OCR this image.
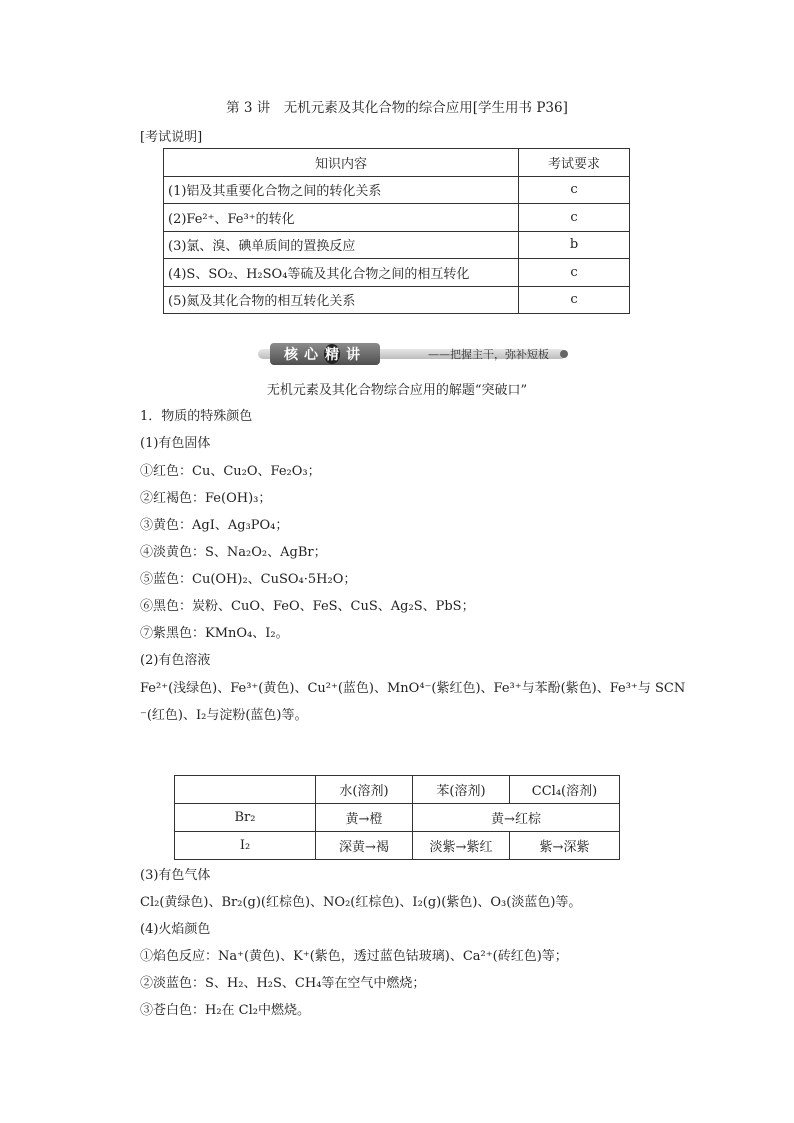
第 3 讲　无机元素及其化合物的综合应用[学生用书 P36]
[考试说明]
知识内容	考试要求
(1)铝及其重要化合物之间的转化关系	c
(2)Fe²⁺、Fe³⁺的转化	c
(3)氯、溴、碘单质间的置换反应	b
(4)S、SO₂、H₂SO₄等硫及其化合物之间的相互转化	c
(5)氮及其化合物的相互转化关系	c
核心 精 讲	——把握主干，弥补短板
无机元素及其化合物综合应用的解题“突破口”
1．物质的特殊颜色
(1)有色固体
①红色：Cu、Cu₂O、Fe₂O₃；
②红褐色：Fe(OH)₃；
③黄色：AgI、Ag₃PO₄；
④淡黄色：S、Na₂O₂、AgBr；
⑤蓝色：Cu(OH)₂、CuSO₄·5H₂O；
⑥黑色：炭粉、CuO、FeO、FeS、CuS、Ag₂S、PbS；
⑦紫黑色：KMnO₄、I₂。
(2)有色溶液
Fe²⁺(浅绿色)、Fe³⁺(黄色)、Cu²⁺(蓝色)、MnO⁴⁻(紫红色)、Fe³⁺与苯酚(紫色)、Fe³⁺与 SCN
⁻(红色)、I₂与淀粉(蓝色)等。
	水(溶剂)	苯(溶剂)	CCl₄(溶剂)
Br₂	黄→橙	黄→红棕	
I₂	深黄→褐	淡紫→紫红	紫→深紫
(3)有色气体
Cl₂(黄绿色)、Br₂(g)(红棕色)、NO₂(红棕色)、I₂(g)(紫色)、O₃(淡蓝色)等。
(4)火焰颜色
①焰色反应：Na⁺(黄色)、K⁺(紫色，透过蓝色钴玻璃)、Ca²⁺(砖红色)等；
②淡蓝色：S、H₂、H₂S、CH₄等在空气中燃烧；
③苍白色：H₂在 Cl₂中燃烧。
